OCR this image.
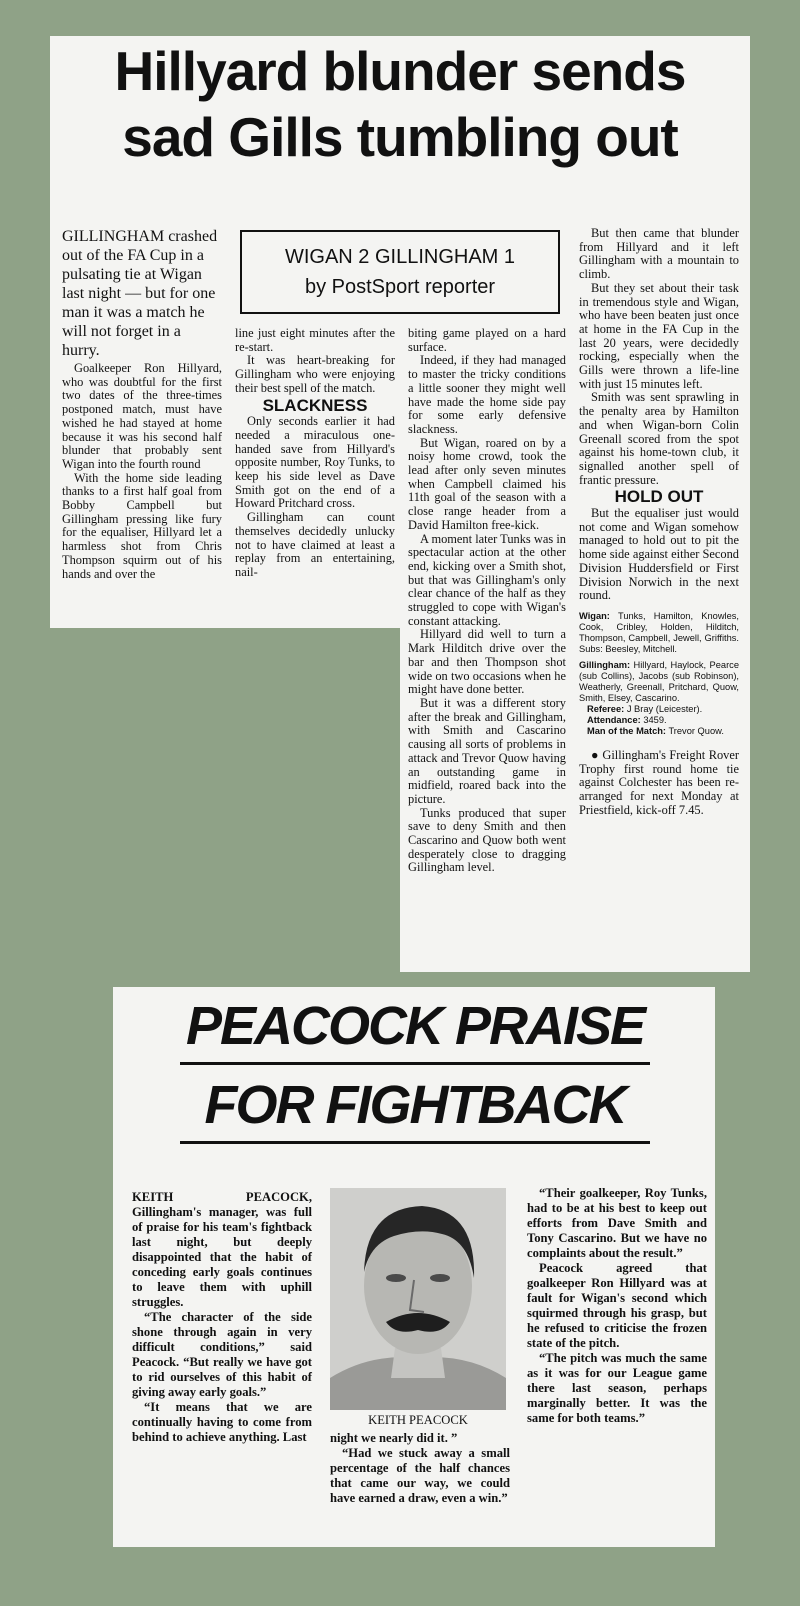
Hillyard blunder sends
sad Gills tumbling out

GILLINGHAM crashed out of the FA Cup in a pulsating tie at Wigan last night — but for one man it was a match he will not forget in a hurry.

Goalkeeper Ron Hillyard, who was doubtful for the first two dates of the three-times postponed match, must have wished he had stayed at home because it was his second half blunder that probably sent Wigan into the fourth round

With the home side leading thanks to a first half goal from Bobby Campbell but Gillingham pressing like fury for the equaliser, Hillyard let a harmless shot from Chris Thompson squirm out of his hands and over the

WIGAN 2 GILLINGHAM 1
by PostSport reporter

line just eight minutes after the re-start.

It was heart-breaking for Gillingham who were enjoying their best spell of the match.

SLACKNESS

Only seconds earlier it had needed a miraculous one-handed save from Hillyard's opposite number, Roy Tunks, to keep his side level as Dave Smith got on the end of a Howard Pritchard cross.

Gillingham can count themselves decidedly unlucky not to have claimed at least a replay from an entertaining, nail-

biting game played on a hard surface.

Indeed, if they had managed to master the tricky conditions a little sooner they might well have made the home side pay for some early defensive slackness.

But Wigan, roared on by a noisy home crowd, took the lead after only seven minutes when Campbell claimed his 11th goal of the season with a close range header from a David Hamilton free-kick.

A moment later Tunks was in spectacular action at the other end, kicking over a Smith shot, but that was Gillingham's only clear chance of the half as they struggled to cope with Wigan's constant attacking.

Hillyard did well to turn a Mark Hilditch drive over the bar and then Thompson shot wide on two occasions when he might have done better.

But it was a different story after the break and Gillingham, with Smith and Cascarino causing all sorts of problems in attack and Trevor Quow having an outstanding game in midfield, roared back into the picture.

Tunks produced that super save to deny Smith and then Cascarino and Quow both went desperately close to dragging Gillingham level.

But then came that blunder from Hillyard and it left Gillingham with a mountain to climb.

But they set about their task in tremendous style and Wigan, who have been beaten just once at home in the FA Cup in the last 20 years, were decidedly rocking, especially when the Gills were thrown a life-line with just 15 minutes left.

Smith was sent sprawling in the penalty area by Hamilton and when Wigan-born Colin Greenall scored from the spot against his home-town club, it signalled another spell of frantic pressure.

HOLD OUT

But the equaliser just would not come and Wigan somehow managed to hold out to pit the home side against either Second Division Huddersfield or First Division Norwich in the next round.

Wigan: Tunks, Hamilton, Knowles, Cook, Cribley, Holden, Hilditch, Thompson, Campbell, Jewell, Griffiths. Subs: Beesley, Mitchell.

Gillingham: Hillyard, Haylock, Pearce (sub Collins), Jacobs (sub Robinson), Weatherly, Greenall, Pritchard, Quow, Smith, Elsey, Cascarino.

Referee: J Bray (Leicester).

Attendance: 3459.

Man of the Match: Trevor Quow.

● Gillingham's Freight Rover Trophy first round home tie against Colchester has been re-arranged for next Monday at Priestfield, kick-off 7.45.

PEACOCK PRAISE
FOR FIGHTBACK

KEITH PEACOCK, Gillingham's manager, was full of praise for his team's fightback last night, but deeply disappointed that the habit of conceding early goals continues to leave them with uphill struggles.

“The character of the side shone through again in very difficult conditions,” said Peacock. “But really we have got to rid ourselves of this habit of giving away early goals.”

“It means that we are continually having to come from behind to achieve anything. Last

KEITH PEACOCK

night we nearly did it. ”

“Had we stuck away a small percentage of the half chances that came our way, we could have earned a draw, even a win.”

“Their goalkeeper, Roy Tunks, had to be at his best to keep out efforts from Dave Smith and Tony Cascarino. But we have no complaints about the result.”

Peacock agreed that goalkeeper Ron Hillyard was at fault for Wigan's second which squirmed through his grasp, but he refused to criticise the frozen state of the pitch.

“The pitch was much the same as it was for our League game there last season, perhaps marginally better. It was the same for both teams.”
